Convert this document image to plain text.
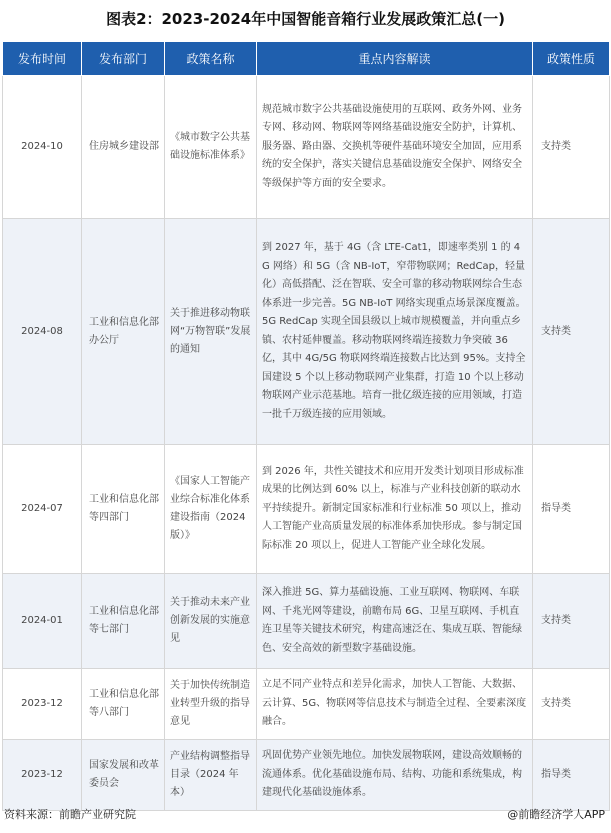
图表2：2023-2024年中国智能音箱行业发展政策汇总(一)
发布时间	发布部门	政策名称	重点内容解读	政策性质
2024-10	住房城乡建设部	《城市数字公共基础设施标准体系》	规范城市数字公共基础设施使用的互联网、政务外网、业务专网、移动网、物联网等网络基础设施安全防护，计算机、服务器、路由器、交换机等硬件基础环境安全加固，应用系统的安全保护，落实关键信息基础设施安全保护、网络安全等级保护等方面的安全要求。	支持类
2024-08	工业和信息化部办公厅	关于推进移动物联网“万物智联”发展的通知	到 2027 年，基于 4G（含 LTE-Cat1，即速率类别 1 的 4G 网络）和 5G（含 NB-IoT，窄带物联网；RedCap，轻量化）高低搭配、泛在智联、安全可靠的移动物联网综合生态体系进一步完善。5G NB-IoT 网络实现重点场景深度覆盖。5G RedCap 实现全国县级以上城市规模覆盖，并向重点乡镇、农村延伸覆盖。移动物联网终端连接数力争突破 36 亿，其中 4G/5G 物联网终端连接数占比达到 95%。支持全国建设 5 个以上移动物联网产业集群，打造 10 个以上移动物联网产业示范基地。培育一批亿级连接的应用领域，打造一批千万级连接的应用领域。	支持类
2024-07	工业和信息化部等四部门	《国家人工智能产业综合标准化体系建设指南（2024 版）》	到 2026 年，共性关键技术和应用开发类计划项目形成标准成果的比例达到 60% 以上，标准与产业科技创新的联动水平持续提升。新制定国家标准和行业标准 50 项以上，推动人工智能产业高质量发展的标准体系加快形成。参与制定国际标准 20 项以上，促进人工智能产业全球化发展。	指导类
2024-01	工业和信息化部等七部门	关于推动未来产业创新发展的实施意见	深入推进 5G、算力基础设施、工业互联网、物联网、车联网、千兆光网等建设，前瞻布局 6G、卫星互联网、手机直连卫星等关键技术研究，构建高速泛在、集成互联、智能绿色、安全高效的新型数字基础设施。	支持类
2023-12	工业和信息化部等八部门	关于加快传统制造业转型升级的指导意见	立足不同产业特点和差异化需求，加快人工智能、大数据、云计算、5G、物联网等信息技术与制造全过程、全要素深度融合。	支持类
2023-12	国家发展和改革委员会	产业结构调整指导目录（2024 年本）	巩固优势产业领先地位。加快发展物联网，建设高效顺畅的流通体系。优化基础设施布局、结构、功能和系统集成，构建现代化基础设施体系。	指导类
资料来源：前瞻产业研究院	@前瞻经济学人APP
